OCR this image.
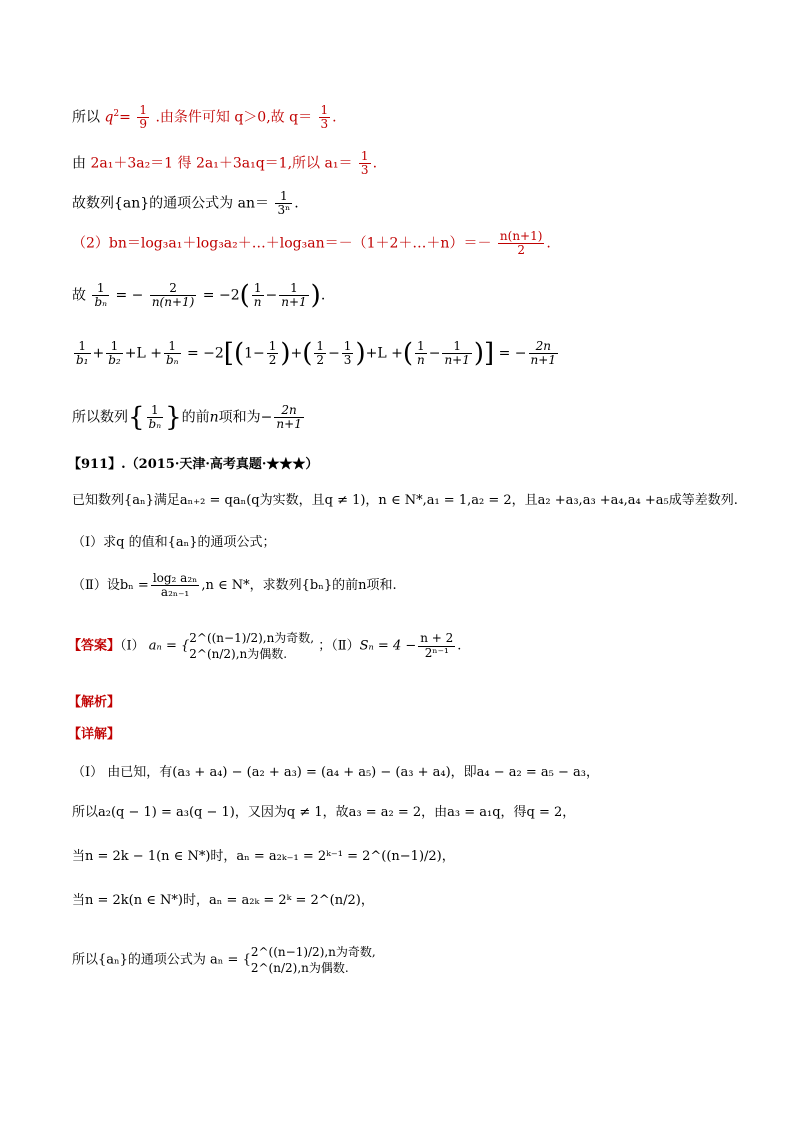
所以 $q^2= \frac{1}{9}$ .由条件可知 q＞0,故 $q= \frac{1}{3}$ .
由 2a₁＋3a₂＝1 得 2a₁＋3a₁q＝1,所以 $a_1= \frac{1}{3}$ .
故数列{an}的通项公式为 $an= \frac{1}{\text{3ⁿ}}$ .
（2）bn＝log₃a₁＋log₃a₂＋…＋log₃an＝－（1＋2＋…＋n）＝－ $\frac{n(n+1)}{2}$ .
故 $\frac{1}{\text{bₙ}}$ = − $\frac{2}{n(n+1)} = -2( \frac{1}{n} - \frac{1}{n+1}$ ).
$\frac{1}{\text{b₁}} + \frac{1}{\text{b₂}} +L + \frac{1}{\text{bₙ}} = -2[(1- \frac{1}{2}$ )+( $\frac{1}{2} - \frac{1}{3} )+L$ +( $\frac{1}{n} - \frac{1}{n+1}$ )] = − $\frac{2n}{n+1}$
所以数列{ $\frac{1}{\text{bₙ}}$ }的前n项和为− $\frac{2n}{n+1}$
【911】.（2015·天津·高考真题·★★★）
已知数列{aₙ}满足aₙ₊₂ = qaₙ(q为实数，且q ≠ 1)，n ∈ N*,a₁ = 1,a₂ = 2，且a₂ +a₃,a₃ +a₄,a₄ +a₅成等差数列.
（Ⅰ）求q 的值和{aₙ}的通项公式；
（Ⅱ）设$b_n = \frac{\text{log₂ a₂ₙ}}{\text{a₂ₙ₋₁}} ,n$ ∈ N*，求数列{bₙ}的前n项和.
【答案】（Ⅰ） aₙ = {
2^((n−1)/2),n为奇数,
2^(n/2),n为偶数.
；（Ⅱ）Sₙ = $4 - \frac{n + 2}{\text{2ⁿ⁻¹}}$ .
【解析】
【详解】
（Ⅰ） 由已知，有(a₃ + a₄) − (a₂ + a₃) = (a₄ + a₅) − (a₃ + a₄)，即a₄ − a₂ = a₅ − a₃，
所以a₂(q − 1) = a₃(q − 1)，又因为q ≠ 1，故a₃ = a₂ = 2，由a₃ = a₁q，得q = 2，
当n = 2k − 1(n ∈ N*)时，aₙ = a₂ₖ₋₁ = 2ᵏ⁻¹ = 2^((n−1)/2)，
当n = 2k(n ∈ N*)时，aₙ = a₂ₖ = 2ᵏ = 2^(n/2)，
所以{aₙ}的通项公式为 aₙ = {
2^((n−1)/2),n为奇数,
2^(n/2),n为偶数.
